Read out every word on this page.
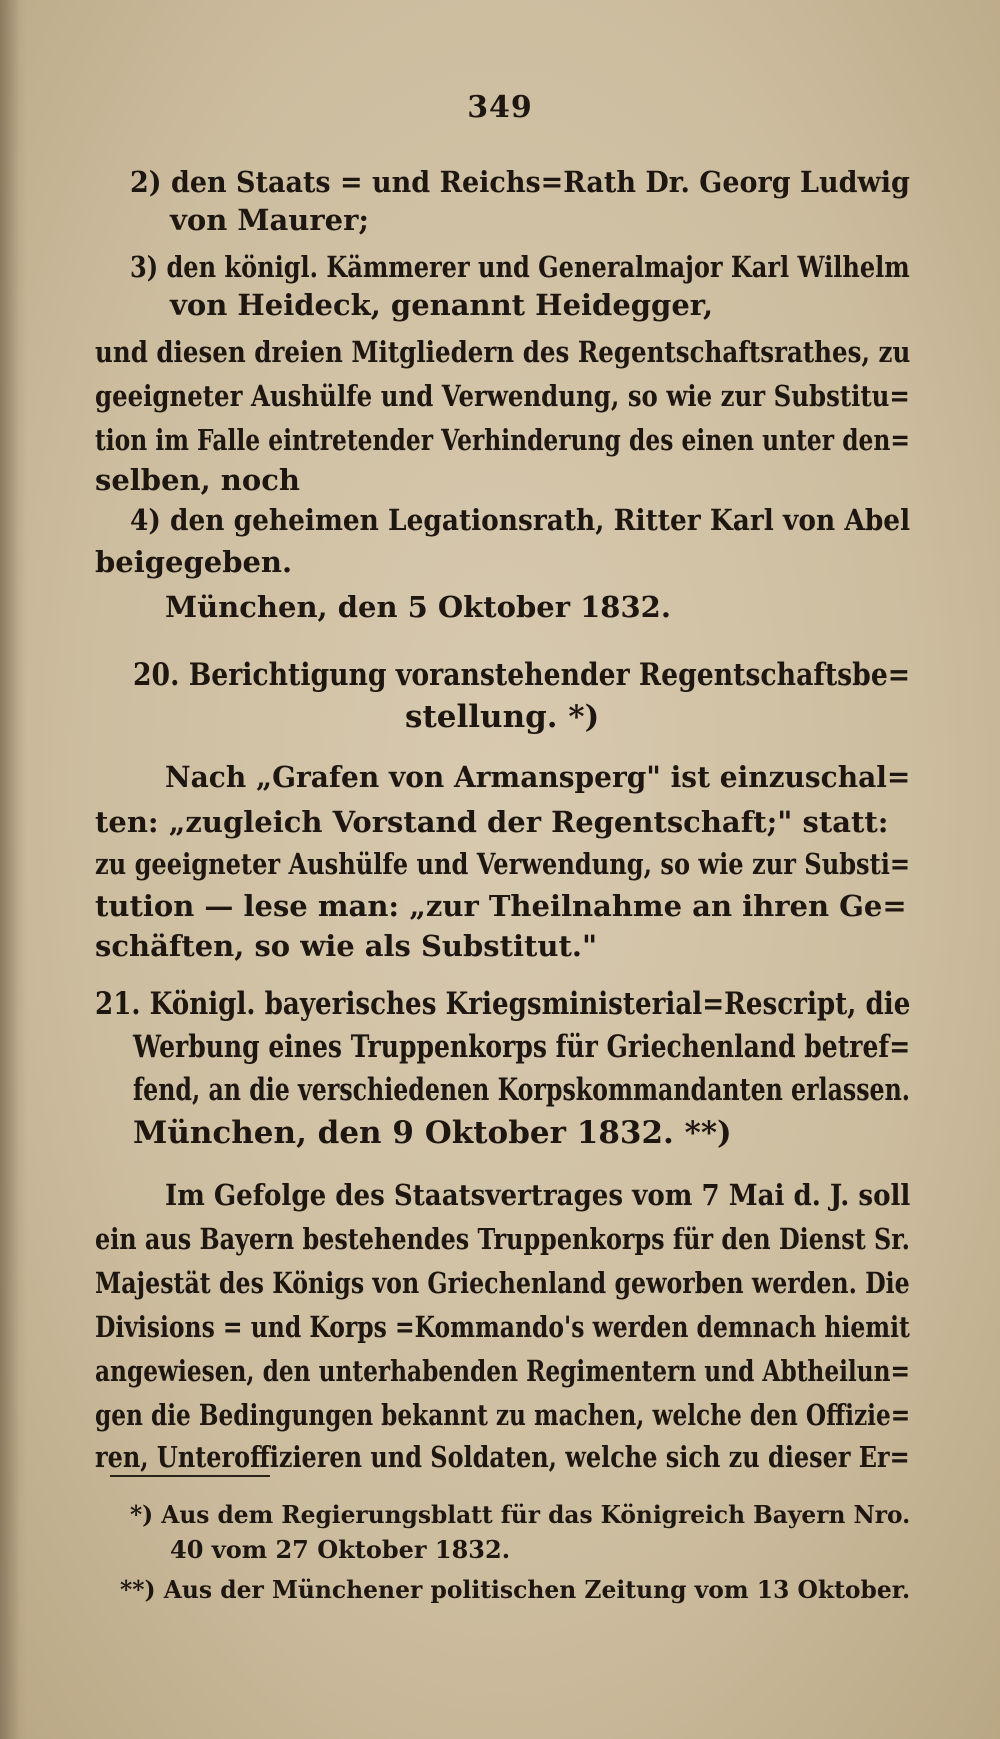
349
2) den Staats = und Reichs=Rath Dr. Georg Ludwig
von Maurer;
3) den königl. Kämmerer und Generalmajor Karl Wilhelm
von Heideck, genannt Heidegger,
und diesen dreien Mitgliedern des Regentschaftsrathes, zu
geeigneter Aushülfe und Verwendung, so wie zur Substitu=
tion im Falle eintretender Verhinderung des einen unter den=
selben, noch
4) den geheimen Legationsrath, Ritter Karl von Abel
beigegeben.
München, den 5 Oktober 1832.
20. Berichtigung voranstehender Regentschaftsbe=
stellung. *)
Nach „Grafen von Armansperg" ist einzuschal=
ten: „zugleich Vorstand der Regentschaft;" statt:
zu geeigneter Aushülfe und Verwendung, so wie zur Substi=
tution — lese man: „zur Theilnahme an ihren Ge=
schäften, so wie als Substitut."
21. Königl. bayerisches Kriegsministerial=Rescript, die
Werbung eines Truppenkorps für Griechenland betref=
fend, an die verschiedenen Korpskommandanten erlassen.
München, den 9 Oktober 1832. **)
Im Gefolge des Staatsvertrages vom 7 Mai d. J. soll
ein aus Bayern bestehendes Truppenkorps für den Dienst Sr.
Majestät des Königs von Griechenland geworben werden. Die
Divisions = und Korps =Kommando's werden demnach hiemit
angewiesen, den unterhabenden Regimentern und Abtheilun=
gen die Bedingungen bekannt zu machen, welche den Offizie=
ren, Unteroffizieren und Soldaten, welche sich zu dieser Er=
*) Aus dem Regierungsblatt für das Königreich Bayern Nro.
40 vom 27 Oktober 1832.
**) Aus der Münchener politischen Zeitung vom 13 Oktober.
